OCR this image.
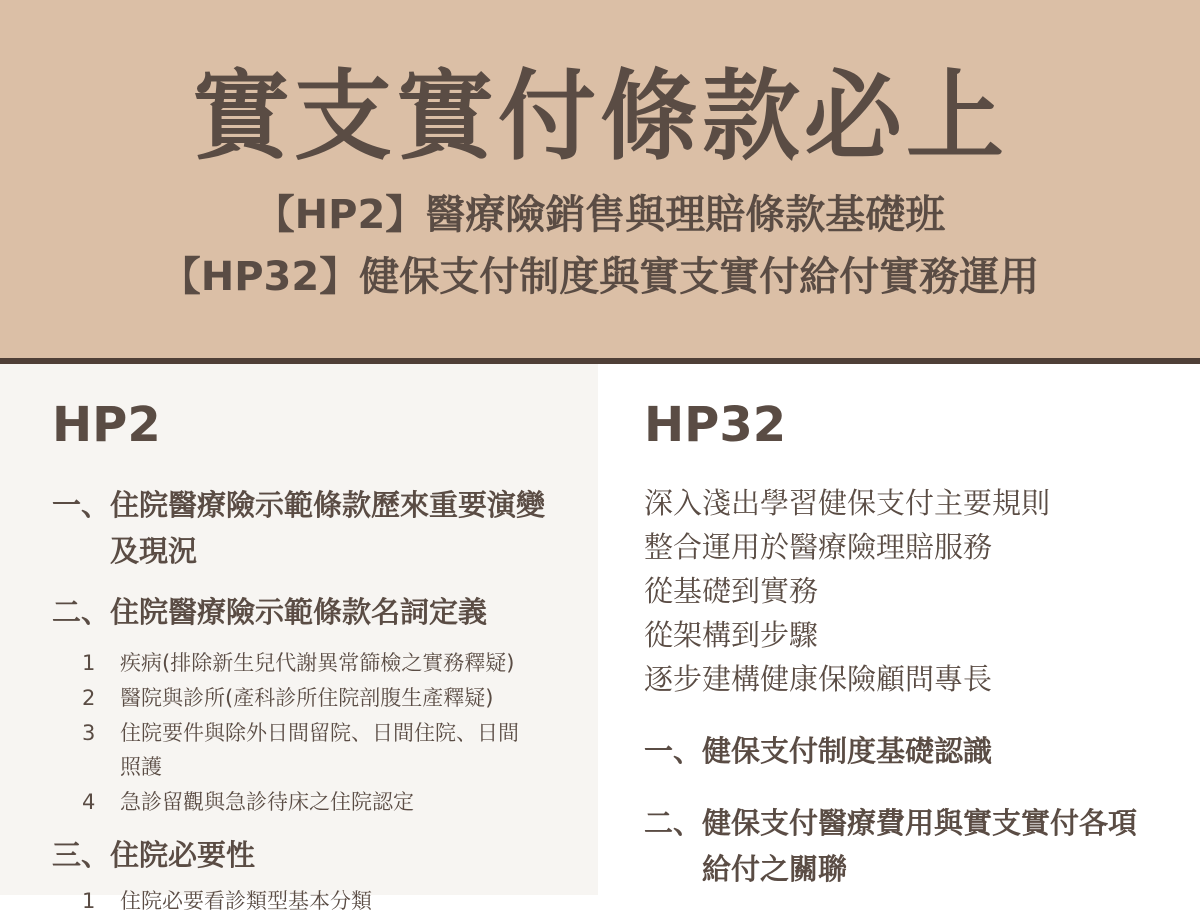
實支實付條款必上
【HP2】醫療險銷售與理賠條款基礎班
【HP32】健保支付制度與實支實付給付實務運用
HP2
一、 住院醫療險示範條款歷來重要演變及現況
二、 住院醫療險示範條款名詞定義
1	疾病(排除新生兒代謝異常篩檢之實務釋疑)
2	醫院與診所(產科診所住院剖腹生產釋疑)
3	住院要件與除外日間留院、日間住院、日間照護
4	急診留觀與急診待床之住院認定
三、 住院必要性
1	住院必要看診類型基本分類
HP32
深入淺出學習健保支付主要規則
整合運用於醫療險理賠服務
從基礎到實務
從架構到步驟
逐步建構健康保險顧問專長
一、 健保支付制度基礎認識
二、 健保支付醫療費用與實支實付各項給付之關聯
